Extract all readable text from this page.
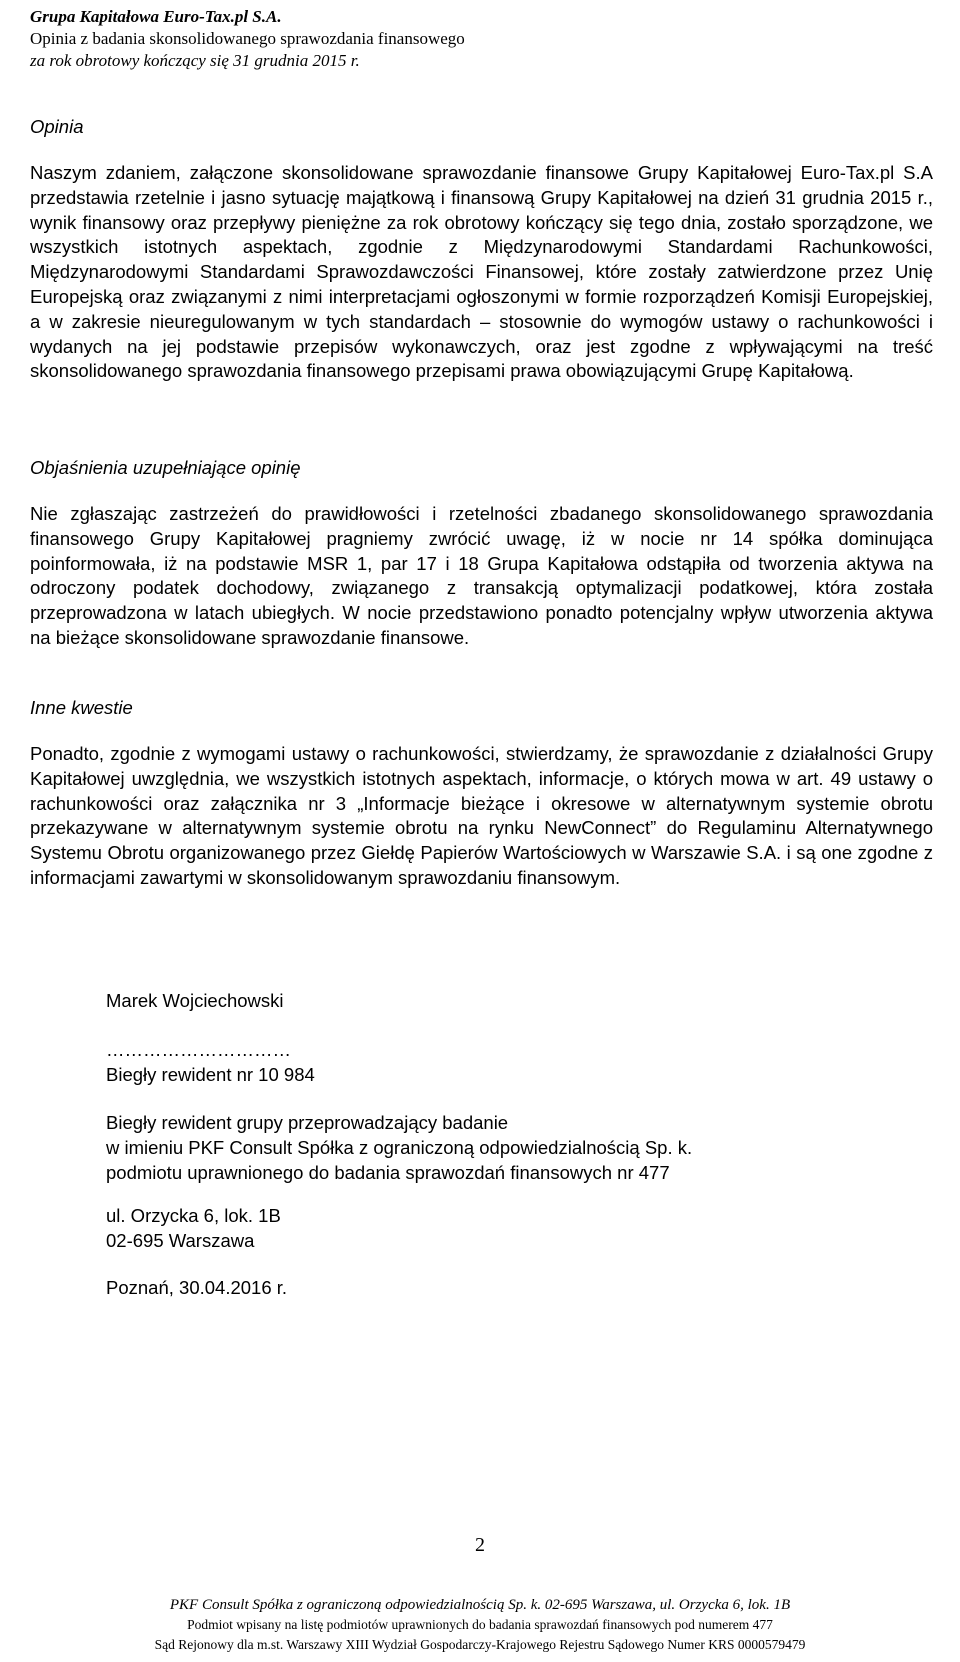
Grupa Kapitałowa Euro-Tax.pl S.A.
Opinia z badania skonsolidowanego sprawozdania finansowego
za rok obrotowy kończący się 31 grudnia 2015 r.
Opinia
Naszym zdaniem, załączone skonsolidowane sprawozdanie finansowe Grupy Kapitałowej Euro-Tax.pl S.A przedstawia rzetelnie i jasno sytuację majątkową i finansową Grupy Kapitałowej na dzień 31 grudnia 2015 r., wynik finansowy oraz przepływy pieniężne za rok obrotowy kończący się tego dnia, zostało sporządzone, we wszystkich istotnych aspektach, zgodnie z Międzynarodowymi Standardami Rachunkowości, Międzynarodowymi Standardami Sprawozdawczości Finansowej, które zostały zatwierdzone przez Unię Europejską oraz związanymi z nimi interpretacjami ogłoszonymi w formie rozporządzeń Komisji Europejskiej, a w zakresie nieuregulowanym w tych standardach – stosownie do wymogów ustawy o rachunkowości i wydanych na jej podstawie przepisów wykonawczych, oraz jest zgodne z wpływającymi na treść skonsolidowanego sprawozdania finansowego przepisami prawa obowiązującymi Grupę Kapitałową.
Objaśnienia uzupełniające opinię
Nie zgłaszając zastrzeżeń do prawidłowości i rzetelności zbadanego skonsolidowanego sprawozdania finansowego Grupy Kapitałowej pragniemy zwrócić uwagę, iż w nocie nr 14 spółka dominująca poinformowała, iż na podstawie MSR 1, par 17 i 18 Grupa Kapitałowa odstąpiła od tworzenia aktywa na odroczony podatek dochodowy, związanego z transakcją optymalizacji podatkowej, która została przeprowadzona w latach ubiegłych. W nocie przedstawiono ponadto potencjalny wpływ utworzenia aktywa na bieżące skonsolidowane sprawozdanie finansowe.
Inne kwestie
Ponadto, zgodnie z wymogami ustawy o rachunkowości, stwierdzamy, że sprawozdanie z działalności Grupy Kapitałowej uwzględnia, we wszystkich istotnych aspektach, informacje, o których mowa w art. 49 ustawy o rachunkowości oraz załącznika nr 3 „Informacje bieżące i okresowe w alternatywnym systemie obrotu przekazywane w alternatywnym systemie obrotu na rynku NewConnect” do Regulaminu Alternatywnego Systemu Obrotu organizowanego przez Giełdę Papierów Wartościowych w Warszawie S.A. i są one zgodne z informacjami zawartymi w skonsolidowanym sprawozdaniu finansowym.
Marek Wojciechowski
…………………………
Biegły rewident nr 10 984
Biegły rewident grupy przeprowadzający badanie
w imieniu PKF Consult Spółka z ograniczoną odpowiedzialnością Sp. k.
podmiotu uprawnionego do badania sprawozdań finansowych nr 477
ul. Orzycka 6, lok. 1B
02-695 Warszawa
Poznań, 30.04.2016 r.
2
PKF Consult Spółka z ograniczoną odpowiedzialnością Sp. k. 02-695 Warszawa, ul. Orzycka 6, lok. 1B
Podmiot wpisany na listę podmiotów uprawnionych do badania sprawozdań finansowych pod numerem 477
Sąd Rejonowy dla m.st. Warszawy XIII Wydział Gospodarczy-Krajowego Rejestru Sądowego Numer KRS 0000579479
